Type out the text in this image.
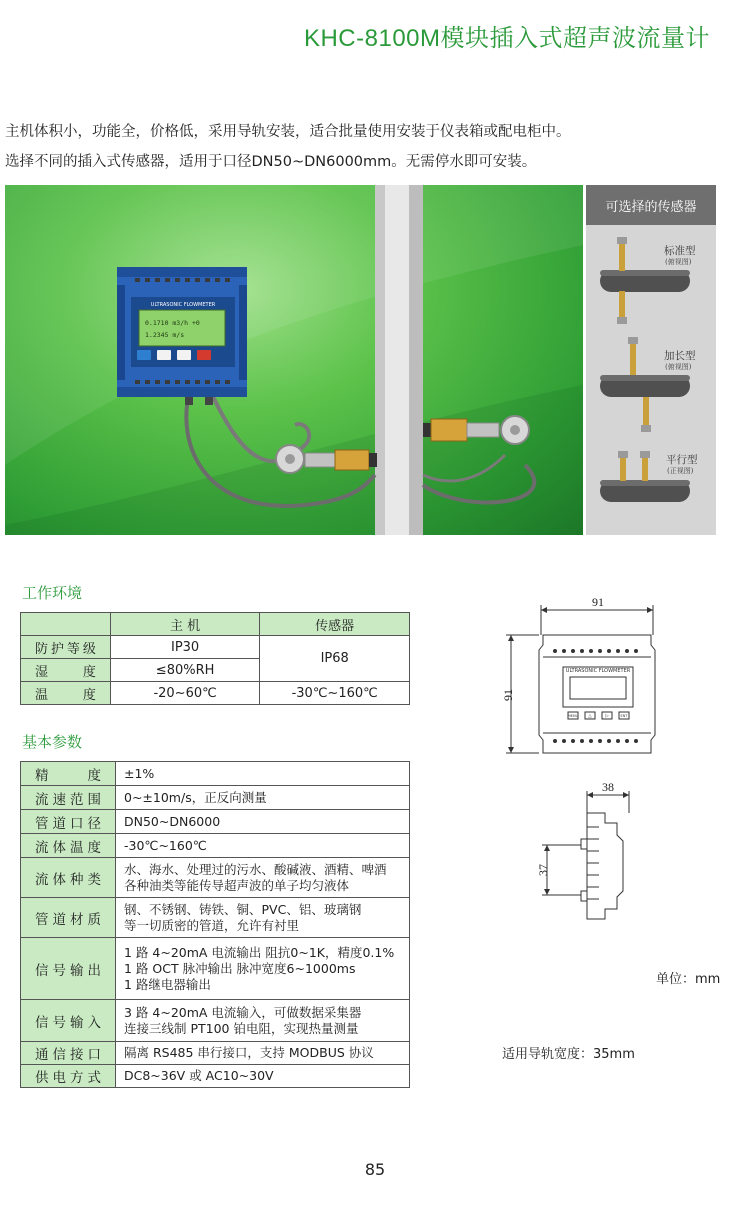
KHC-8100M模块插入式超声波流量计
主机体积小，功能全，价格低，采用导轨安装，适合批量使用安装于仪表箱或配电柜中。
选择不同的插入式传感器，适用于口径DN50~DN6000mm。无需停水即可安装。
ULTRASONIC FLOWMETER
0.1710 m3/h +0
1.2345 m/s
可选择的传感器
标准型
(俯视图)
加长型
(俯视图)
平行型
(正视图)
工作环境
	主 机	传感器
防护等级	IP30	IP68
湿　　度	≤80%RH	
温　　度	-20~60℃	-30℃~160℃
基本参数
精　　度	±1%

流速范围	0~±10m/s，正反向测量

管道口径	DN50~DN6000

流体温度	-30℃~160℃

流体种类	水、海水、处理过的污水、酸碱液、酒精、啤酒
各种油类等能传导超声波的单子均匀液体

管道材质	钢、不锈钢、铸铁、铜、PVC、铝、玻璃钢
等一切质密的管道，允许有衬里

信号输出	1 路 4~20mA 电流输出 阻抗0~1K，精度0.1%
1 路 OCT 脉冲输出 脉冲宽度6~1000ms
1 路继电器输出

信号输入	3 路 4~20mA 电流输入，可做数据采集器
连接三线制 PT100 铂电阻，实现热量测量

通信接口	隔离 RS485 串行接口，支持 MODBUS 协议

供电方式	DC8~36V 或 AC10~30V
ULTRASONIC FLOWMETER
MENU △	▷	ENT
91
91
38
37
单位：mm
适用导轨宽度：35mm
85
